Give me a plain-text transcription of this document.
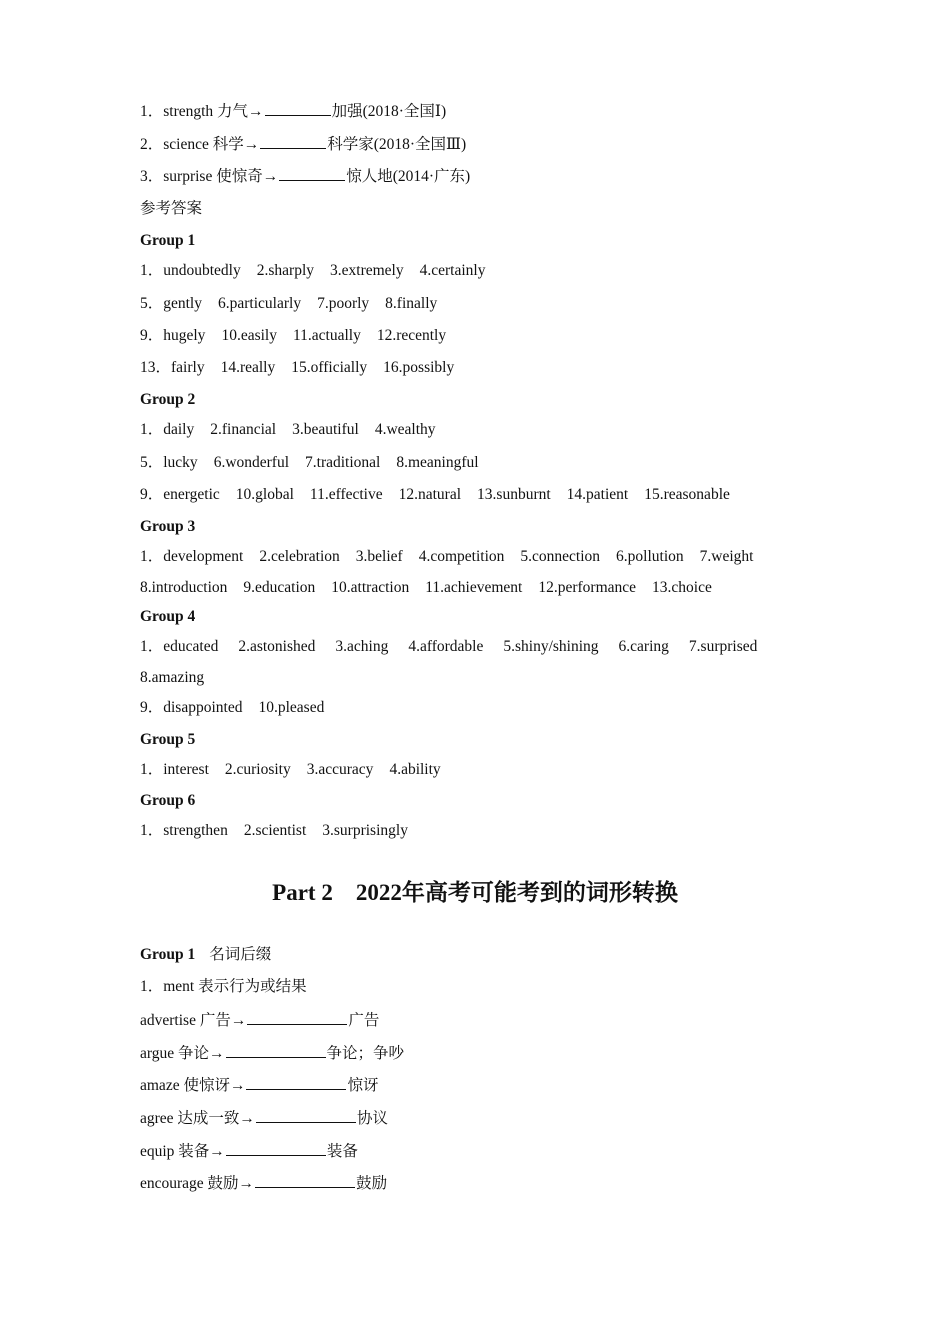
1．strength 力气→	加强(2018·全国Ⅰ)
2．science 科学→	科学家(2018·全国Ⅲ)
3．surprise 使惊奇→	惊人地(2014·广东)
参考答案
Group 1
1．undoubtedly 2.sharply 3.extremely 4.certainly
5．gently 6.particularly 7.poorly 8.finally
9．hugely 10.easily 11.actually 12.recently
13．fairly 14.really 15.officially 16.possibly
Group 2
1．daily 2.financial 3.beautiful 4.wealthy
5．lucky 6.wonderful 7.traditional 8.meaningful
9．energetic 10.global 11.effective 12.natural 13.sunburnt 14.patient 15.reasonable
Group 3
1．development 2.celebration 3.belief 4.competition 5.connection 6.pollution 7.weight
8.introduction 9.education 10.attraction 11.achievement 12.performance 13.choice
Group 4
1．educated 2.astonished 3.aching 4.affordable 5.shiny/shining 6.caring 7.surprised
8.amazing
9．disappointed 10.pleased
Group 5
1．interest 2.curiosity 3.accuracy 4.ability
Group 6
1．strengthen 2.scientist 3.surprisingly
Part 2　2022年高考可能考到的词形转换
Group 1 名词后缀
1．ment 表示行为或结果
advertise 广告→	广告
argue 争论→	争论；争吵
amaze 使惊讶→	惊讶
agree 达成一致→	协议
equip 装备→	装备
encourage 鼓励→	鼓励
